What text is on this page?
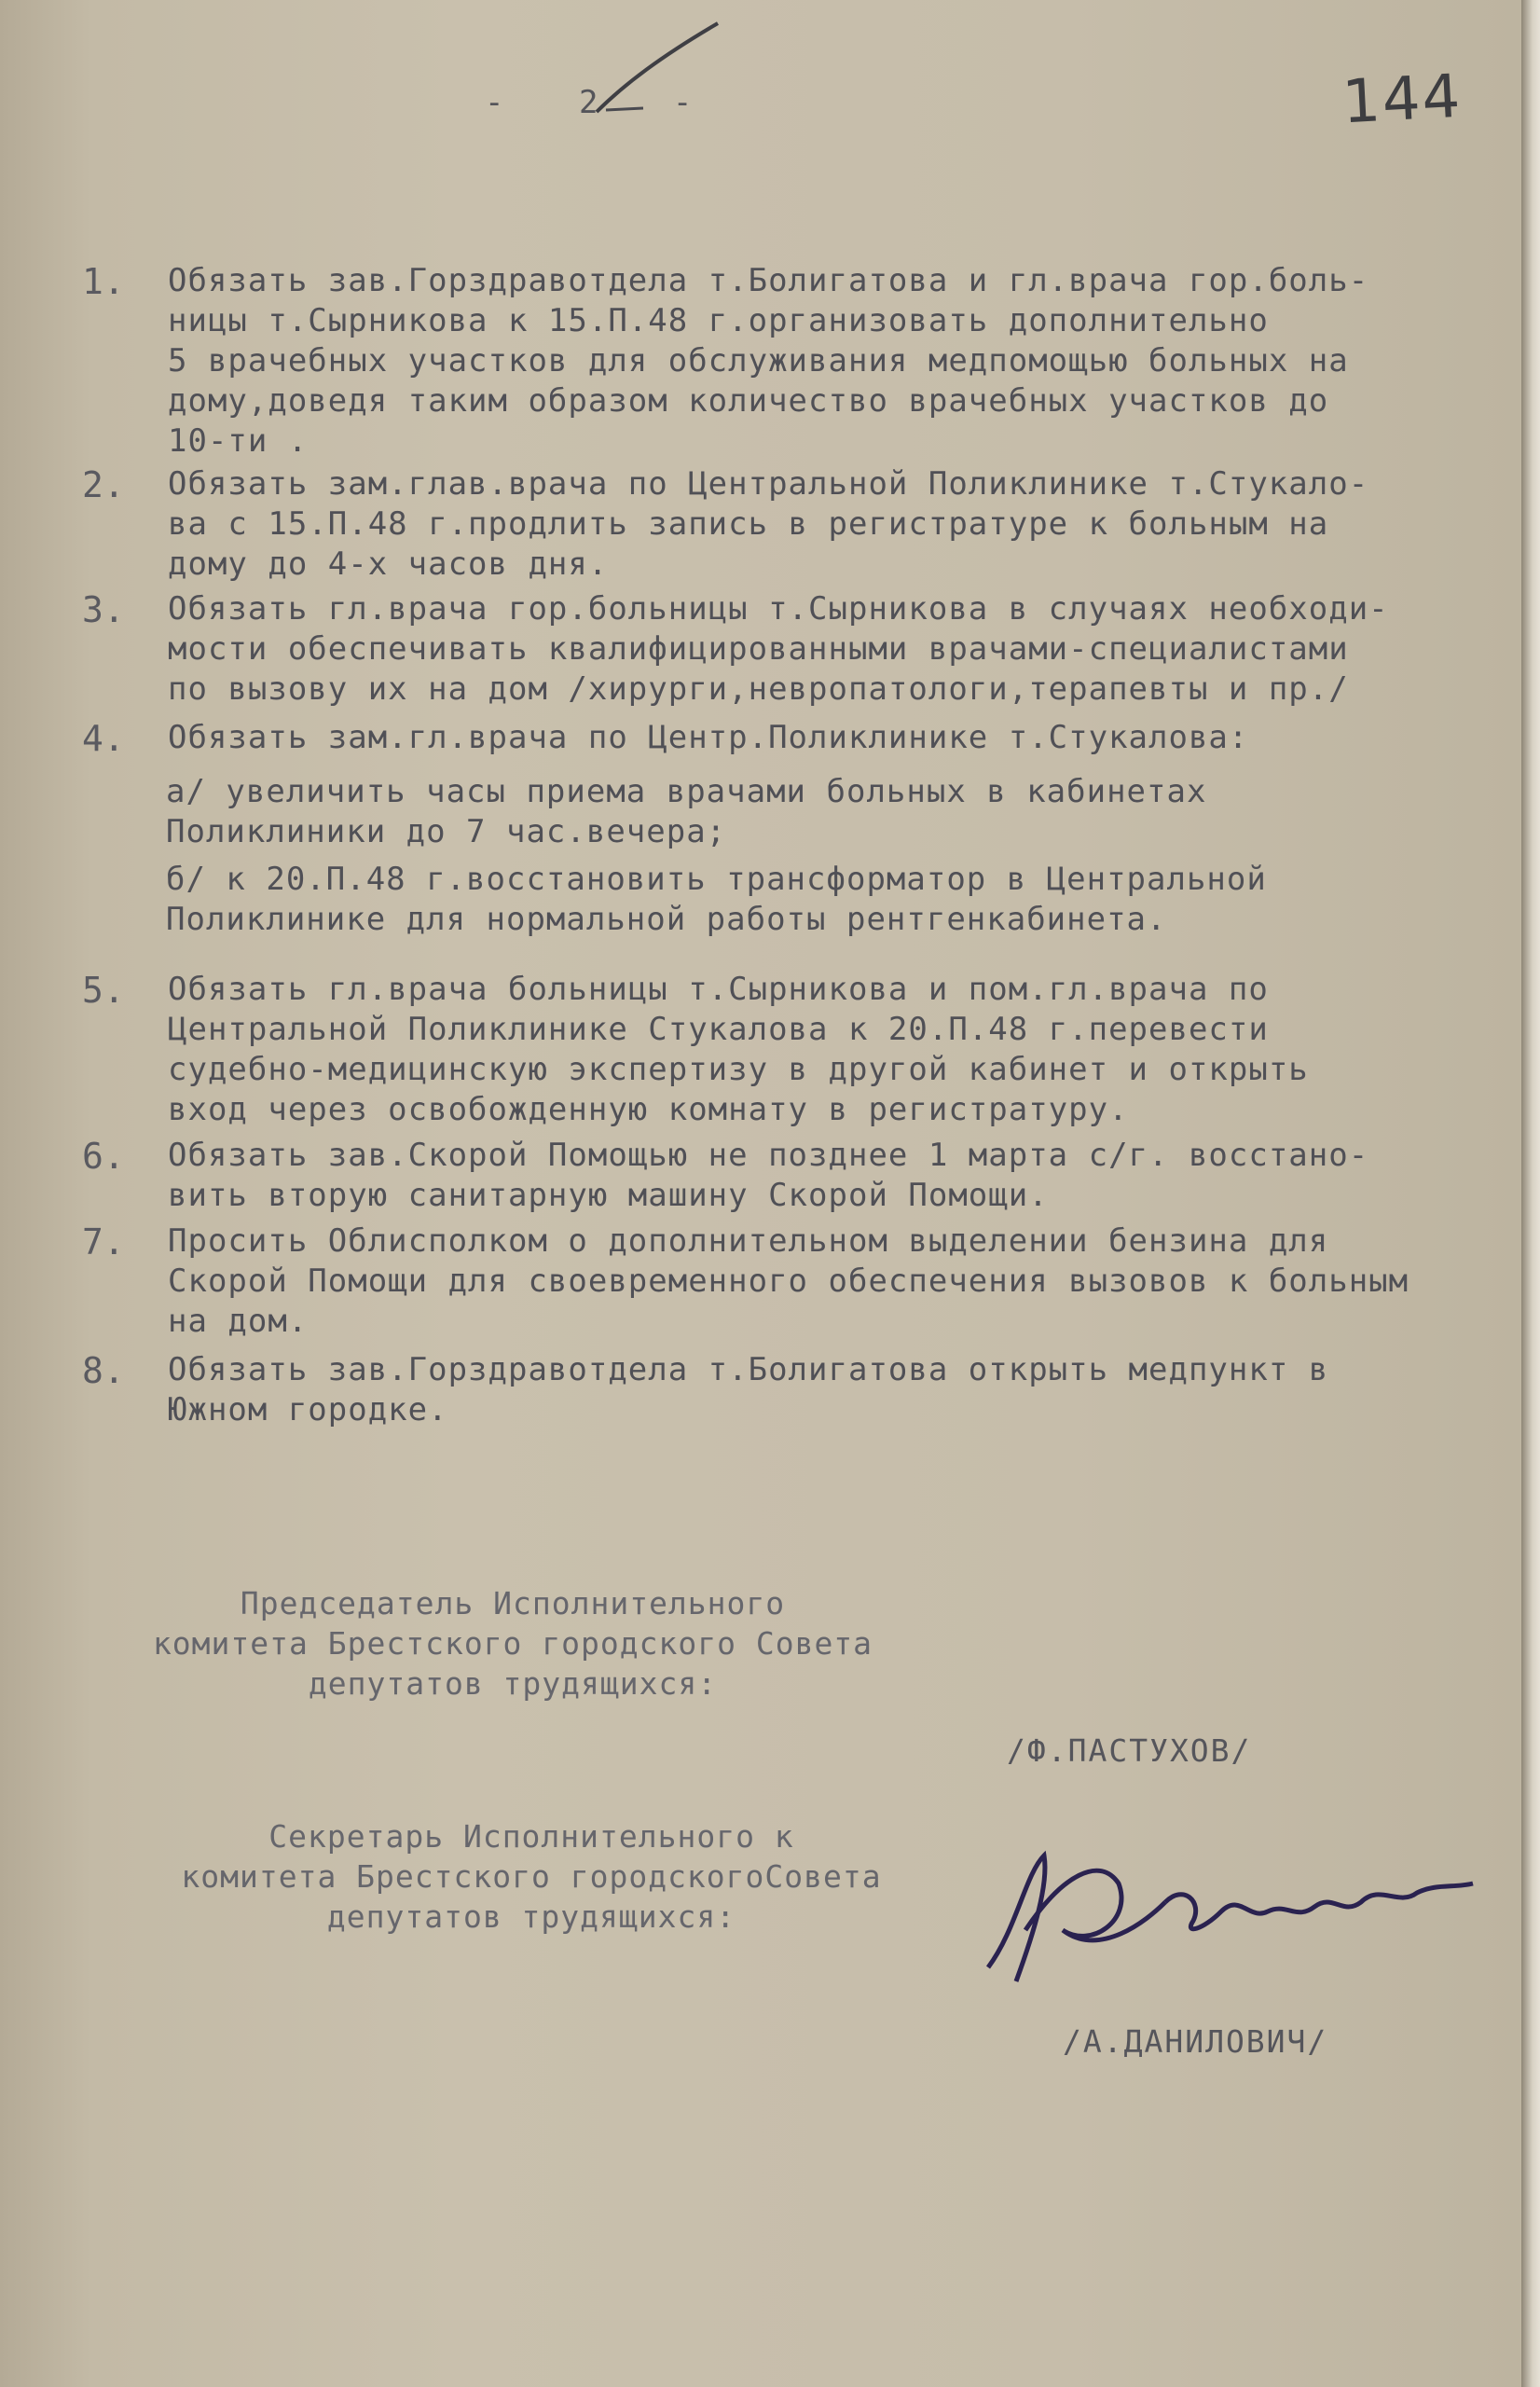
144
- 2 -
1.	Обязать зав.Горздравотдела т.Болигатова и гл.врача гор.боль-
ницы т.Сырникова к 15.П.48 г.организовать дополнительно
5 врачебных участков для обслуживания медпомощью больных на
дому,доведя таким образом количество врачебных участков до
10-ти .
2.	Обязать зам.глав.врача по Центральной Поликлинике т.Стукало-
ва с 15.П.48 г.продлить запись в регистратуре к больным на
дому до 4-х часов дня.
3.	Обязать гл.врача гор.больницы т.Сырникова в случаях необходи-
мости обеспечивать квалифицированными врачами-специалистами
по вызову их на дом /хирурги,невропатологи,терапевты и пр./
4.	Обязать зам.гл.врача по Центр.Поликлинике т.Стукалова:
а/ увеличить часы приема врачами больных в кабинетах
Поликлиники до 7 час.вечера;
б/ к 20.П.48 г.восстановить трансформатор в Центральной
Поликлинике для нормальной работы рентгенкабинета.
5.	Обязать гл.врача больницы т.Сырникова и пом.гл.врача по
Центральной Поликлинике Стукалова к 20.П.48 г.перевести
судебно-медицинскую экспертизу в другой кабинет и открыть
вход через освобожденную комнату в регистратуру.
6.	Обязать зав.Скорой Помощью не позднее 1 марта с/г. восстано-
вить вторую санитарную машину Скорой Помощи.
7.	Просить Облисполком о дополнительном выделении бензина для
Скорой Помощи для своевременного обеспечения вызовов к больным
на дом.
8.	Обязать зав.Горздравотдела т.Болигатова открыть медпункт в
Южном городке.
Председатель Исполнительного
комитета Брестского городского Совета
депутатов трудящихся:
/Ф.ПАСТУХОВ/
Секретарь Исполнительного к
комитета Брестского городскогоСовета
депутатов трудящихся:
/А.ДАНИЛОВИЧ/
